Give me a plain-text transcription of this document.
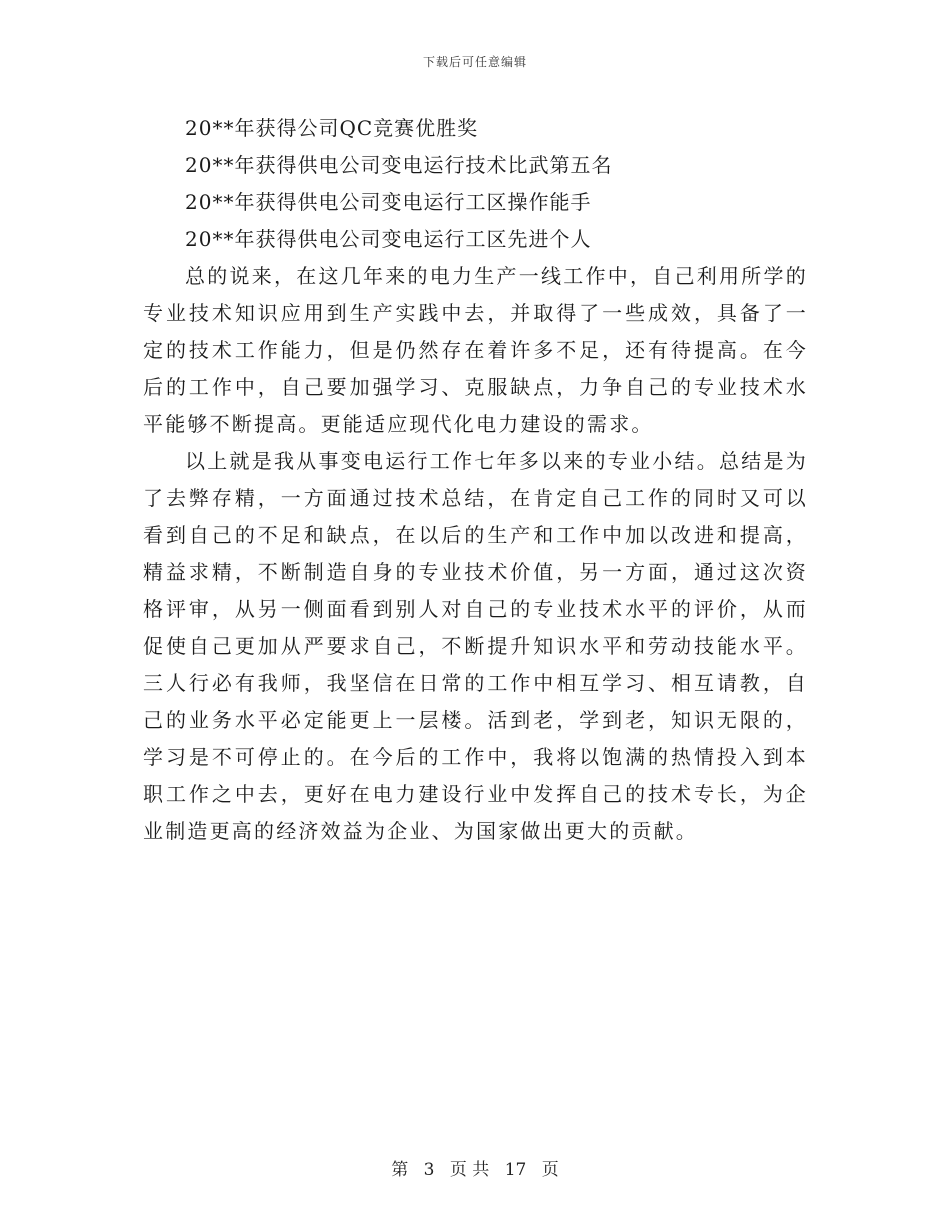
下载后可任意编辑

20**年获得公司QC竞赛优胜奖

20**年获得供电公司变电运行技术比武第五名

20**年获得供电公司变电运行工区操作能手

20**年获得供电公司变电运行工区先进个人

总的说来，在这几年来的电力生产一线工作中，自己利用所学的专业技术知识应用到生产实践中去，并取得了一些成效，具备了一定的技术工作能力，但是仍然存在着许多不足，还有待提高。在今后的工作中，自己要加强学习、克服缺点，力争自己的专业技术水平能够不断提高。更能适应现代化电力建设的需求。

以上就是我从事变电运行工作七年多以来的专业小结。总结是为了去弊存精，一方面通过技术总结，在肯定自己工作的同时又可以看到自己的不足和缺点，在以后的生产和工作中加以改进和提高，精益求精，不断制造自身的专业技术价值，另一方面，通过这次资格评审，从另一侧面看到别人对自己的专业技术水平的评价，从而促使自己更加从严要求自己，不断提升知识水平和劳动技能水平。三人行必有我师，我坚信在日常的工作中相互学习、相互请教，自己的业务水平必定能更上一层楼。活到老，学到老，知识无限的，学习是不可停止的。在今后的工作中，我将以饱满的热情投入到本职工作之中去，更好在电力建设行业中发挥自己的技术专长，为企业制造更高的经济效益为企业、为国家做出更大的贡献。

第 3 页 共 17 页
